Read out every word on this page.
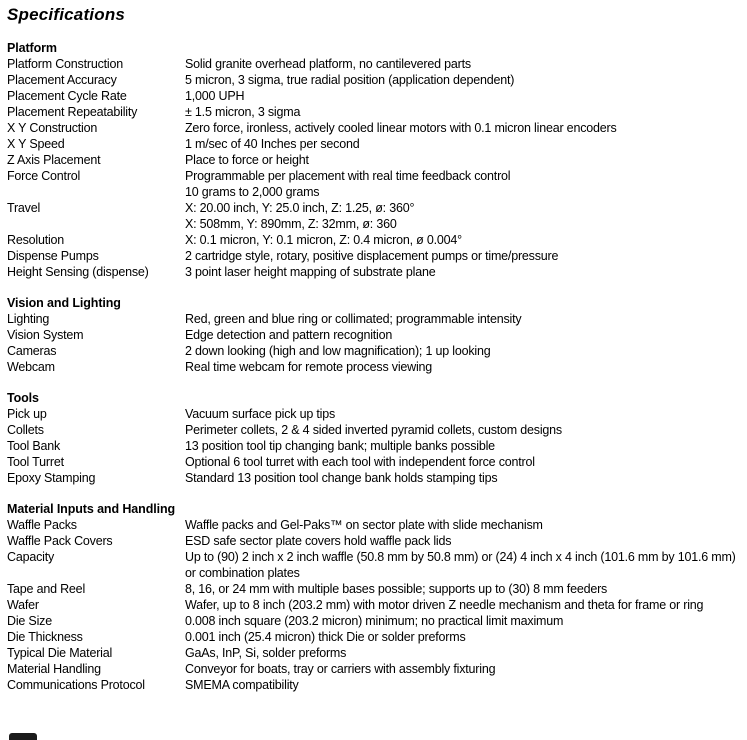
Specifications
Platform
Platform Construction	Solid granite overhead platform, no cantilevered parts
Placement Accuracy	5 micron, 3 sigma, true radial position (application dependent)
Placement Cycle Rate	1,000 UPH
Placement Repeatability	± 1.5 micron, 3 sigma
X Y Construction	Zero force, ironless, actively cooled linear motors with 0.1 micron linear encoders
X Y Speed	1 m/sec of 40 Inches per second
Z Axis Placement	Place to force or height
Force Control	Programmable per placement with real time feedback control
10 grams to 2,000 grams
Travel	X: 20.00 inch, Y: 25.0 inch, Z: 1.25, ø: 360°
X: 508mm, Y: 890mm, Z: 32mm, ø: 360
Resolution	X: 0.1 micron, Y: 0.1 micron, Z: 0.4 micron, ø 0.004°
Dispense Pumps	2 cartridge style, rotary, positive displacement pumps or time/pressure
Height Sensing (dispense)	3 point laser height mapping of substrate plane
Vision and Lighting
Lighting	Red, green and blue ring or collimated; programmable intensity
Vision System	Edge detection and pattern recognition
Cameras	2 down looking (high and low magnification); 1 up looking
Webcam	Real time webcam for remote process viewing
Tools
Pick up	Vacuum surface pick up tips
Collets	Perimeter collets, 2 & 4 sided inverted pyramid collets, custom designs
Tool Bank	13 position tool tip changing bank; multiple banks possible
Tool Turret	Optional 6 tool turret with each tool with independent force control
Epoxy Stamping	Standard 13 position tool change bank holds stamping tips
Material Inputs and Handling
Waffle Packs	Waffle packs and Gel-Paks™ on sector plate with slide mechanism
Waffle Pack Covers	ESD safe sector plate covers hold waffle pack lids
Capacity	Up to (90) 2 inch x 2 inch waffle (50.8 mm by 50.8 mm) or (24) 4 inch x 4 inch (101.6 mm by 101.6 mm) or combination plates
Tape and Reel	8, 16, or 24 mm with multiple bases possible; supports up to (30) 8 mm feeders
Wafer	Wafer, up to 8 inch (203.2 mm) with motor driven Z needle mechanism and theta for frame or ring
Die Size	0.008 inch square (203.2 micron) minimum; no practical limit maximum
Die Thickness	0.001 inch (25.4 micron) thick Die or solder preforms
Typical Die Material	GaAs, InP, Si, solder preforms
Material Handling	Conveyor for boats, tray or carriers with assembly fixturing
Communications Protocol	SMEMA compatibility
